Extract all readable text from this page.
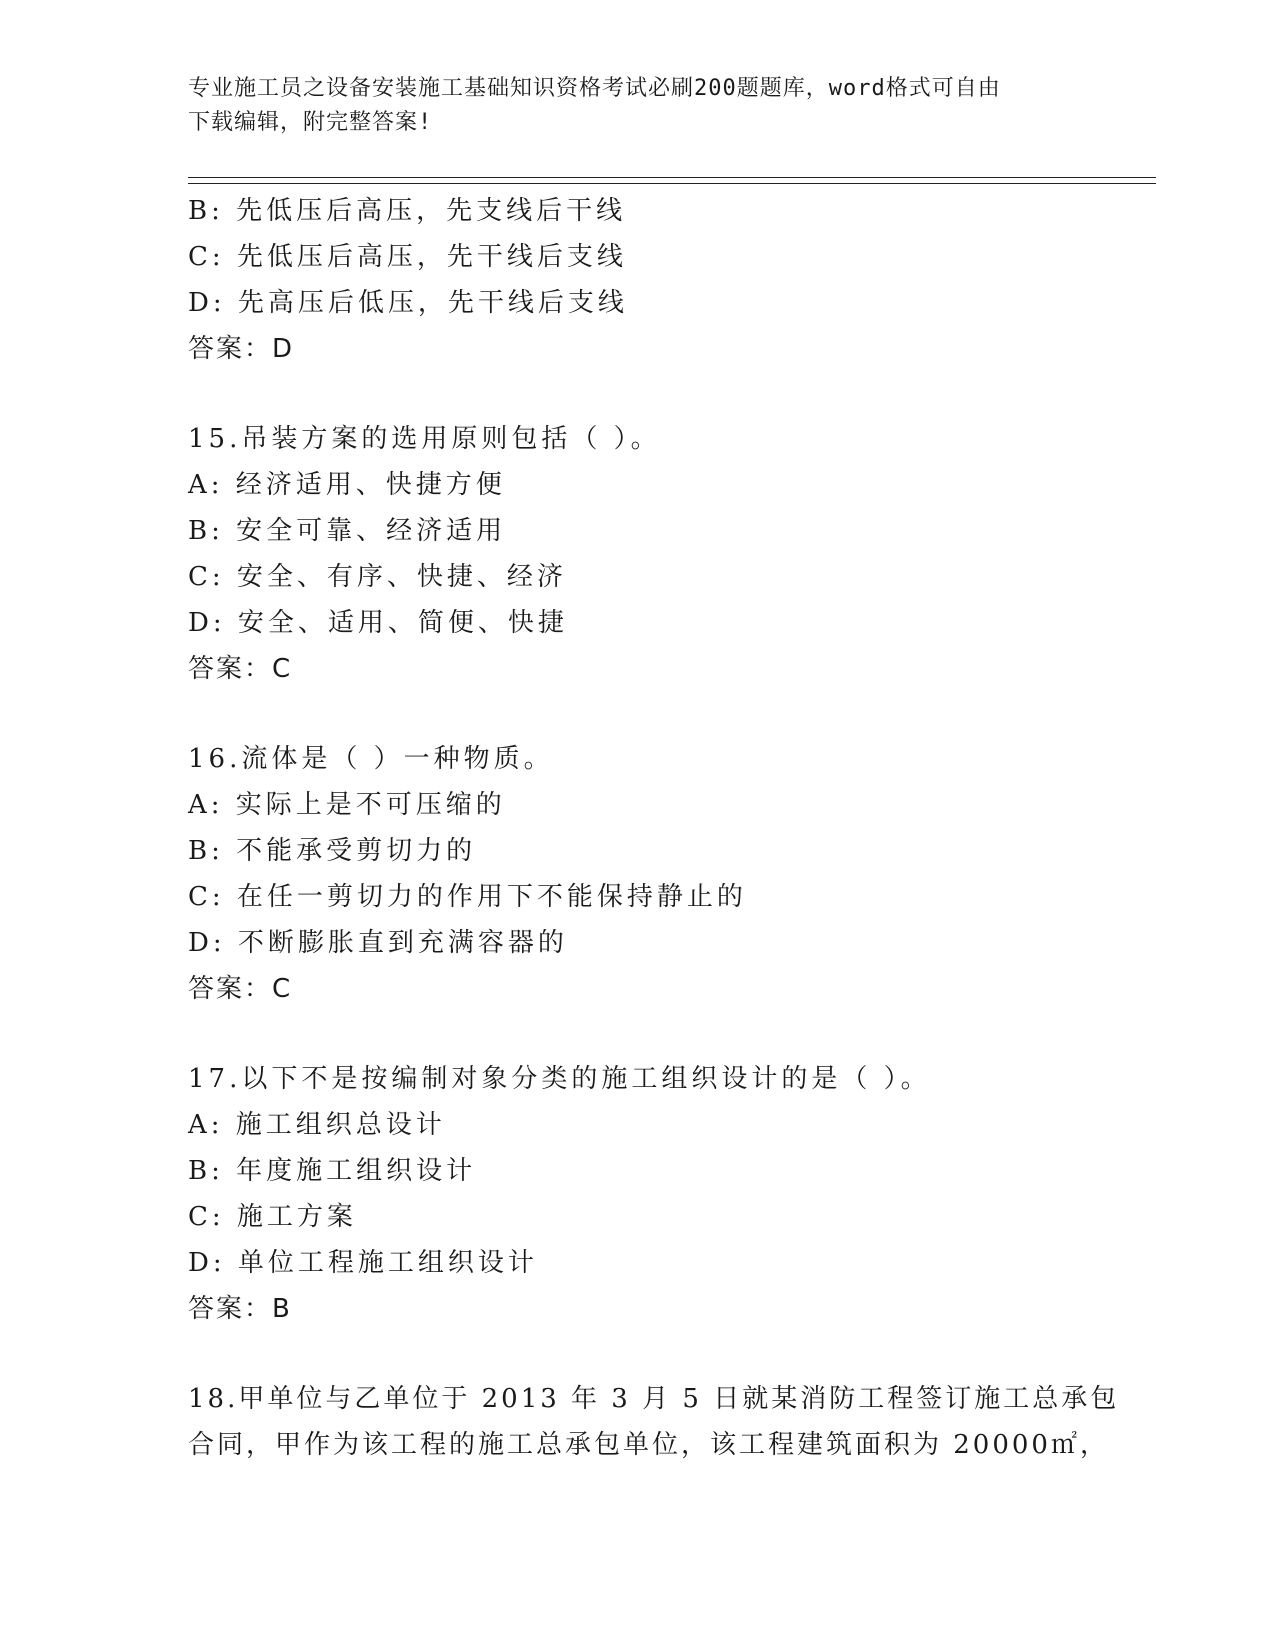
专业施工员之设备安装施工基础知识资格考试必刷200题题库，word格式可自由
下载编辑，附完整答案!
B: 先低压后高压，先支线后干线
C: 先低压后高压，先干线后支线
D: 先高压后低压，先干线后支线
答案：D
15.吊装方案的选用原则包括（ ）。
A: 经济适用、快捷方便
B: 安全可靠、经济适用
C: 安全、有序、快捷、经济
D: 安全、适用、简便、快捷
答案：C
16.流体是（ ）一种物质。
A: 实际上是不可压缩的
B: 不能承受剪切力的
C: 在任一剪切力的作用下不能保持静止的
D: 不断膨胀直到充满容器的
答案：C
17.以下不是按编制对象分类的施工组织设计的是（ ）。
A: 施工组织总设计
B: 年度施工组织设计
C: 施工方案
D: 单位工程施工组织设计
答案：B
18.甲单位与乙单位于 2013 年 3 月 5 日就某消防工程签订施工总承包
合同，甲作为该工程的施工总承包单位，该工程建筑面积为 20000㎡，
